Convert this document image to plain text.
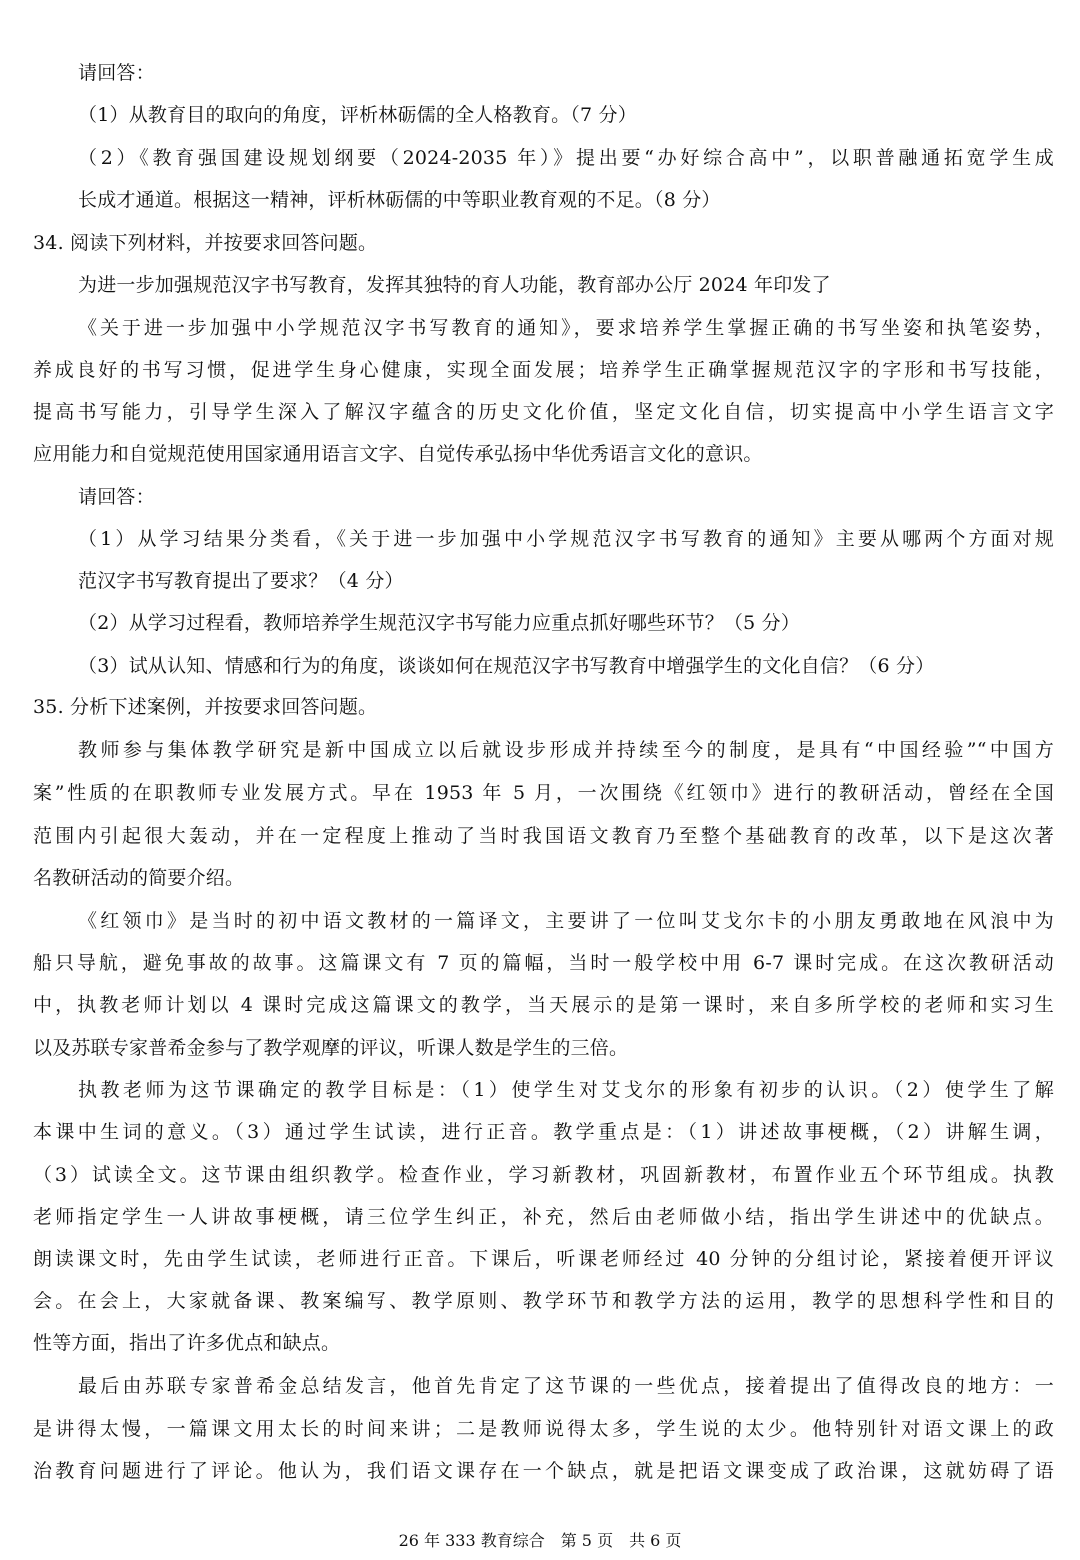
请回答：
（1）从教育目的取向的角度，评析林砺儒的全人格教育。（7 分）
（2）《教育强国建设规划纲要（2024-2035 年）》提出要“办好综合高中”，以职普融通拓宽学生成
长成才通道。根据这一精神，评析林砺儒的中等职业教育观的不足。（8 分）
34. 阅读下列材料，并按要求回答问题。
为进一步加强规范汉字书写教育，发挥其独特的育人功能，教育部办公厅 2024 年印发了
《关于进一步加强中小学规范汉字书写教育的通知》，要求培养学生掌握正确的书写坐姿和执笔姿势，
养成良好的书写习惯，促进学生身心健康，实现全面发展；培养学生正确掌握规范汉字的字形和书写技能，
提高书写能力，引导学生深入了解汉字蕴含的历史文化价值，坚定文化自信，切实提高中小学生语言文字
应用能力和自觉规范使用国家通用语言文字、自觉传承弘扬中华优秀语言文化的意识。
请回答：
（1）从学习结果分类看，《关于进一步加强中小学规范汉字书写教育的通知》主要从哪两个方面对规
范汉字书写教育提出了要求？（4 分）
（2）从学习过程看，教师培养学生规范汉字书写能力应重点抓好哪些环节？（5 分）
（3）试从认知、情感和行为的角度，谈谈如何在规范汉字书写教育中增强学生的文化自信？（6 分）
35. 分析下述案例，并按要求回答问题。
教师参与集体教学研究是新中国成立以后就设步形成并持续至今的制度，是具有“中国经验”“中国方
案”性质的在职教师专业发展方式。早在 1953 年 5 月，一次围绕《红领巾》进行的教研活动，曾经在全国
范围内引起很大轰动，并在一定程度上推动了当时我国语文教育乃至整个基础教育的改革，以下是这次著
名教研活动的简要介绍。
《红领巾》是当时的初中语文教材的一篇译文，主要讲了一位叫艾戈尔卡的小朋友勇敢地在风浪中为
船只导航，避免事故的故事。这篇课文有 7 页的篇幅，当时一般学校中用 6-7 课时完成。在这次教研活动
中，执教老师计划以 4 课时完成这篇课文的教学，当天展示的是第一课时，来自多所学校的老师和实习生
以及苏联专家普希金参与了教学观摩的评议，听课人数是学生的三倍。
执教老师为这节课确定的教学目标是：（1）使学生对艾戈尔的形象有初步的认识。（2）使学生了解
本课中生词的意义。（3）通过学生试读，进行正音。教学重点是：（1）讲述故事梗概，（2）讲解生调，
（3）试读全文。这节课由组织教学。检查作业，学习新教材，巩固新教材，布置作业五个环节组成。执教
老师指定学生一人讲故事梗概，请三位学生纠正，补充，然后由老师做小结，指出学生讲述中的优缺点。
朗读课文时，先由学生试读，老师进行正音。下课后，听课老师经过 40 分钟的分组讨论，紧接着便开评议
会。在会上，大家就备课、教案编写、教学原则、教学环节和教学方法的运用，教学的思想科学性和目的
性等方面，指出了许多优点和缺点。
最后由苏联专家普希金总结发言，他首先肯定了这节课的一些优点，接着提出了值得改良的地方：一
是讲得太慢，一篇课文用太长的时间来讲；二是教师说得太多，学生说的太少。他特别针对语文课上的政
治教育问题进行了评论。他认为，我们语文课存在一个缺点，就是把语文课变成了政治课，这就妨碍了语
26 年 333 教育综合　第 5 页　共 6 页
